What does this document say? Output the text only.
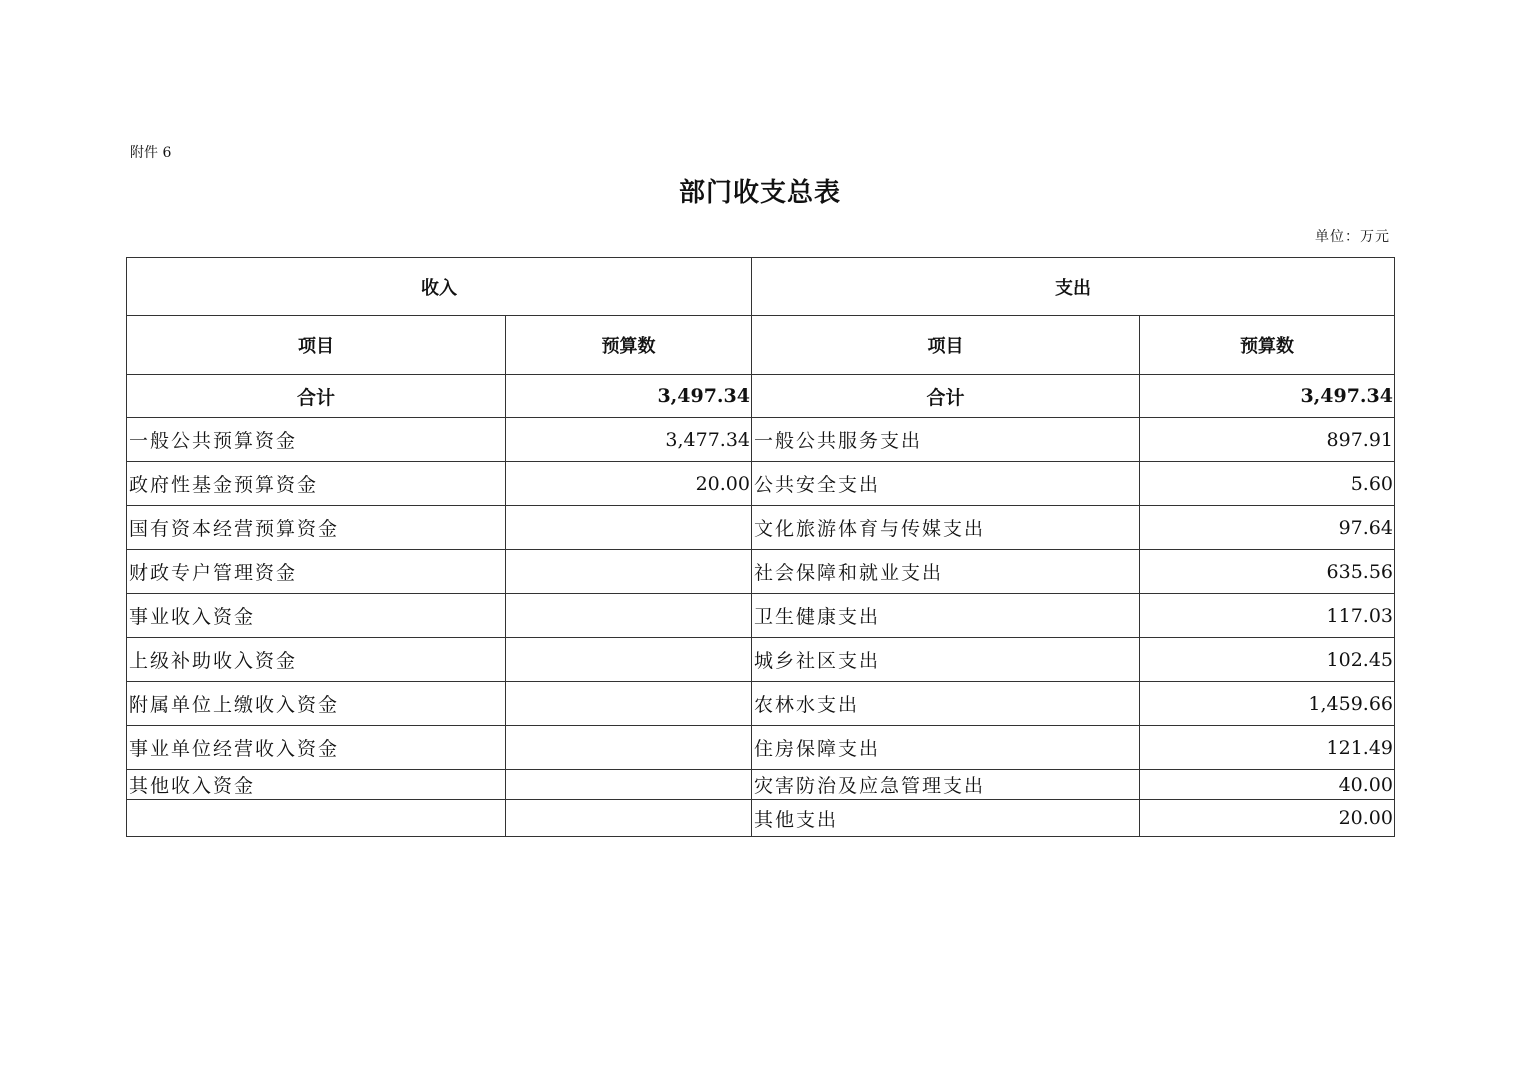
附件 6
部门收支总表
单位：万元
收入		支出	
项目	预算数	项目	预算数
合计	3,497.34	合计	3,497.34
一般公共预算资金	3,477.34	一般公共服务支出	897.91
政府性基金预算资金	20.00	公共安全支出	5.60
国有资本经营预算资金		文化旅游体育与传媒支出	97.64
财政专户管理资金		社会保障和就业支出	635.56
事业收入资金		卫生健康支出	117.03
上级补助收入资金		城乡社区支出	102.45
附属单位上缴收入资金		农林水支出	1,459.66
事业单位经营收入资金		住房保障支出	121.49
其他收入资金		灾害防治及应急管理支出	40.00
		其他支出	20.00
